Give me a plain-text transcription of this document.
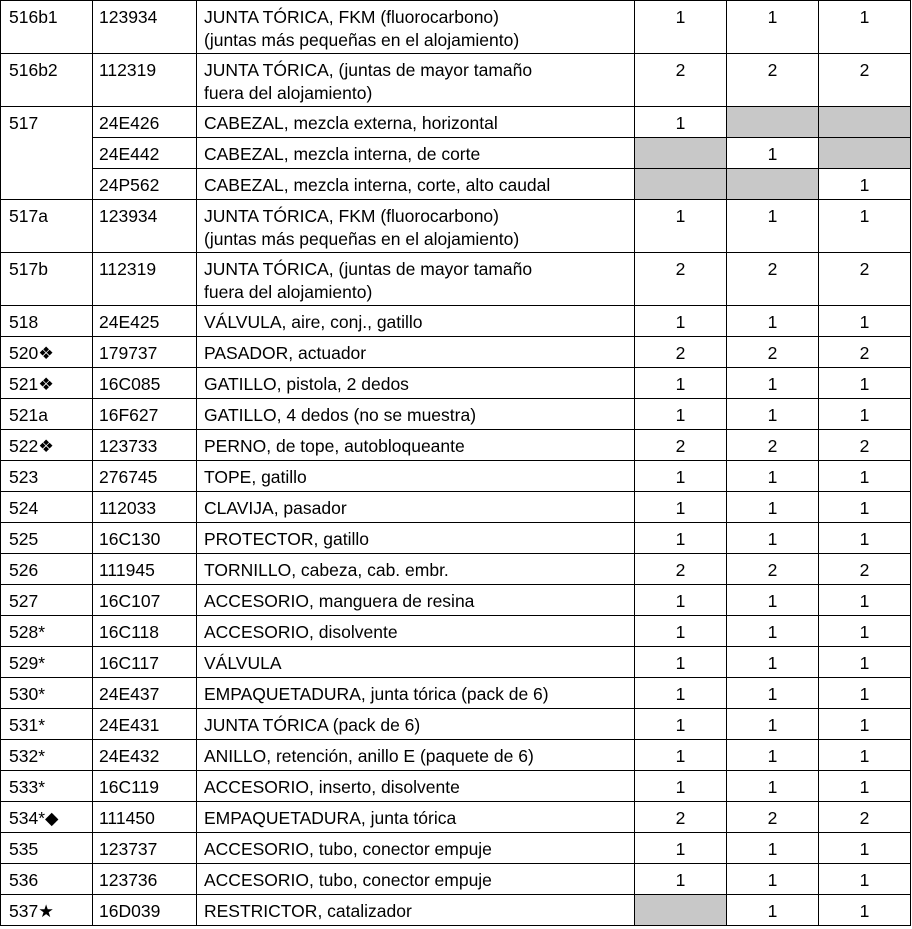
516b1	123934	JUNTA TÓRICA, FKM (fluorocarbono)
(juntas más pequeñas en el alojamiento)	1	1	1
516b2	112319	JUNTA TÓRICA, (juntas de mayor tamaño
fuera del alojamiento)	2	2	2
517	24E426	CABEZAL, mezcla externa, horizontal	1		
	24E442	CABEZAL, mezcla interna, de corte		1	
	24P562	CABEZAL, mezcla interna, corte, alto caudal			1
517a	123934	JUNTA TÓRICA, FKM (fluorocarbono)
(juntas más pequeñas en el alojamiento)	1	1	1
517b	112319	JUNTA TÓRICA, (juntas de mayor tamaño
fuera del alojamiento)	2	2	2
518	24E425	VÁLVULA, aire, conj., gatillo	1	1	1
520❖	179737	PASADOR, actuador	2	2	2
521❖	16C085	GATILLO, pistola, 2 dedos	1	1	1
521a	16F627	GATILLO, 4 dedos (no se muestra)	1	1	1
522❖	123733	PERNO, de tope, autobloqueante	2	2	2
523	276745	TOPE, gatillo	1	1	1
524	112033	CLAVIJA, pasador	1	1	1
525	16C130	PROTECTOR, gatillo	1	1	1
526	111945	TORNILLO, cabeza, cab. embr.	2	2	2
527	16C107	ACCESORIO, manguera de resina	1	1	1
528*	16C118	ACCESORIO, disolvente	1	1	1
529*	16C117	VÁLVULA	1	1	1
530*	24E437	EMPAQUETADURA, junta tórica (pack de 6)	1	1	1
531*	24E431	JUNTA TÓRICA (pack de 6)	1	1	1
532*	24E432	ANILLO, retención, anillo E (paquete de 6)	1	1	1
533*	16C119	ACCESORIO, inserto, disolvente	1	1	1
534*◆	111450	EMPAQUETADURA, junta tórica	2	2	2
535	123737	ACCESORIO, tubo, conector empuje	1	1	1
536	123736	ACCESORIO, tubo, conector empuje	1	1	1
537★	16D039	RESTRICTOR, catalizador		1	1
